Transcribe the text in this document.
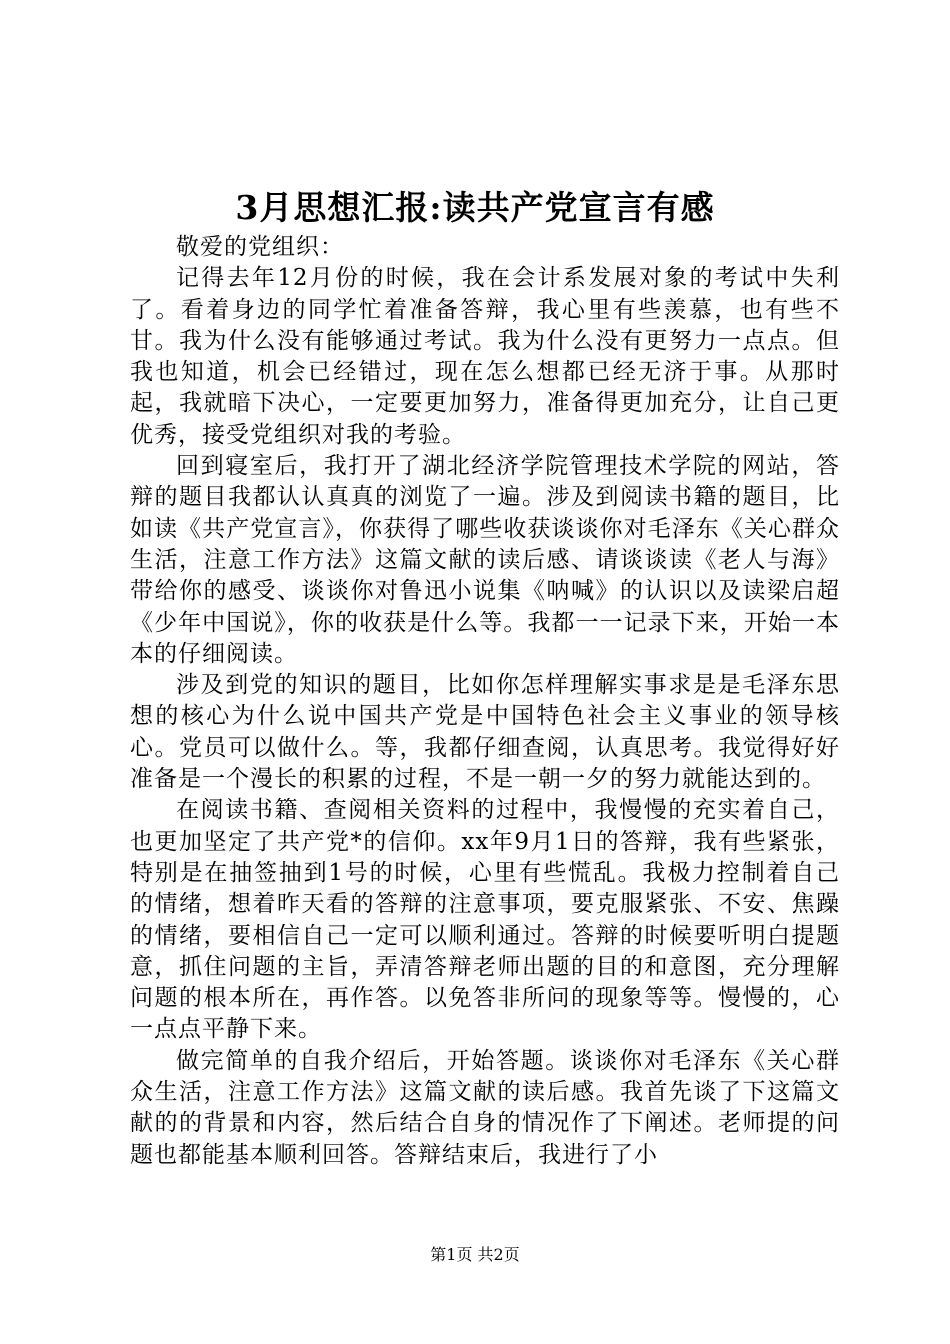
3月思想汇报:读共产党宣言有感

敬爱的党组织：

记得去年12月份的时候，我在会计系发展对象的考试中失利了。看着身边的同学忙着准备答辩，我心里有些羡慕，也有些不甘。我为什么没有能够通过考试。我为什么没有更努力一点点。但我也知道，机会已经错过，现在怎么想都已经无济于事。从那时起，我就暗下决心，一定要更加努力，准备得更加充分，让自己更优秀，接受党组织对我的考验。

回到寝室后，我打开了湖北经济学院管理技术学院的网站，答辩的题目我都认认真真的浏览了一遍。涉及到阅读书籍的题目，比如读《共产党宣言》，你获得了哪些收获谈谈你对毛泽东《关心群众生活，注意工作方法》这篇文献的读后感、请谈谈读《老人与海》带给你的感受、谈谈你对鲁迅小说集《呐喊》的认识以及读梁启超《少年中国说》，你的收获是什么等。我都一一记录下来，开始一本本的仔细阅读。

涉及到党的知识的题目，比如你怎样理解实事求是是毛泽东思想的核心为什么说中国共产党是中国特色社会主义事业的领导核心。党员可以做什么。等，我都仔细查阅，认真思考。我觉得好好准备是一个漫长的积累的过程，不是一朝一夕的努力就能达到的。

在阅读书籍、查阅相关资料的过程中，我慢慢的充实着自己，也更加坚定了共产党*的信仰。xx年9月1日的答辩，我有些紧张，特别是在抽签抽到1号的时候，心里有些慌乱。我极力控制着自己的情绪，想着昨天看的答辩的注意事项，要克服紧张、不安、焦躁的情绪，要相信自己一定可以顺利通过。答辩的时候要听明白提题意，抓住问题的主旨，弄清答辩老师出题的目的和意图，充分理解问题的根本所在，再作答。以免答非所问的现象等等。慢慢的，心一点点平静下来。

做完简单的自我介绍后，开始答题。谈谈你对毛泽东《关心群众生活，注意工作方法》这篇文献的读后感。我首先谈了下这篇文献的的背景和内容，然后结合自身的情况作了下阐述。老师提的问题也都能基本顺利回答。答辩结束后，我进行了小

第1页 共2页
